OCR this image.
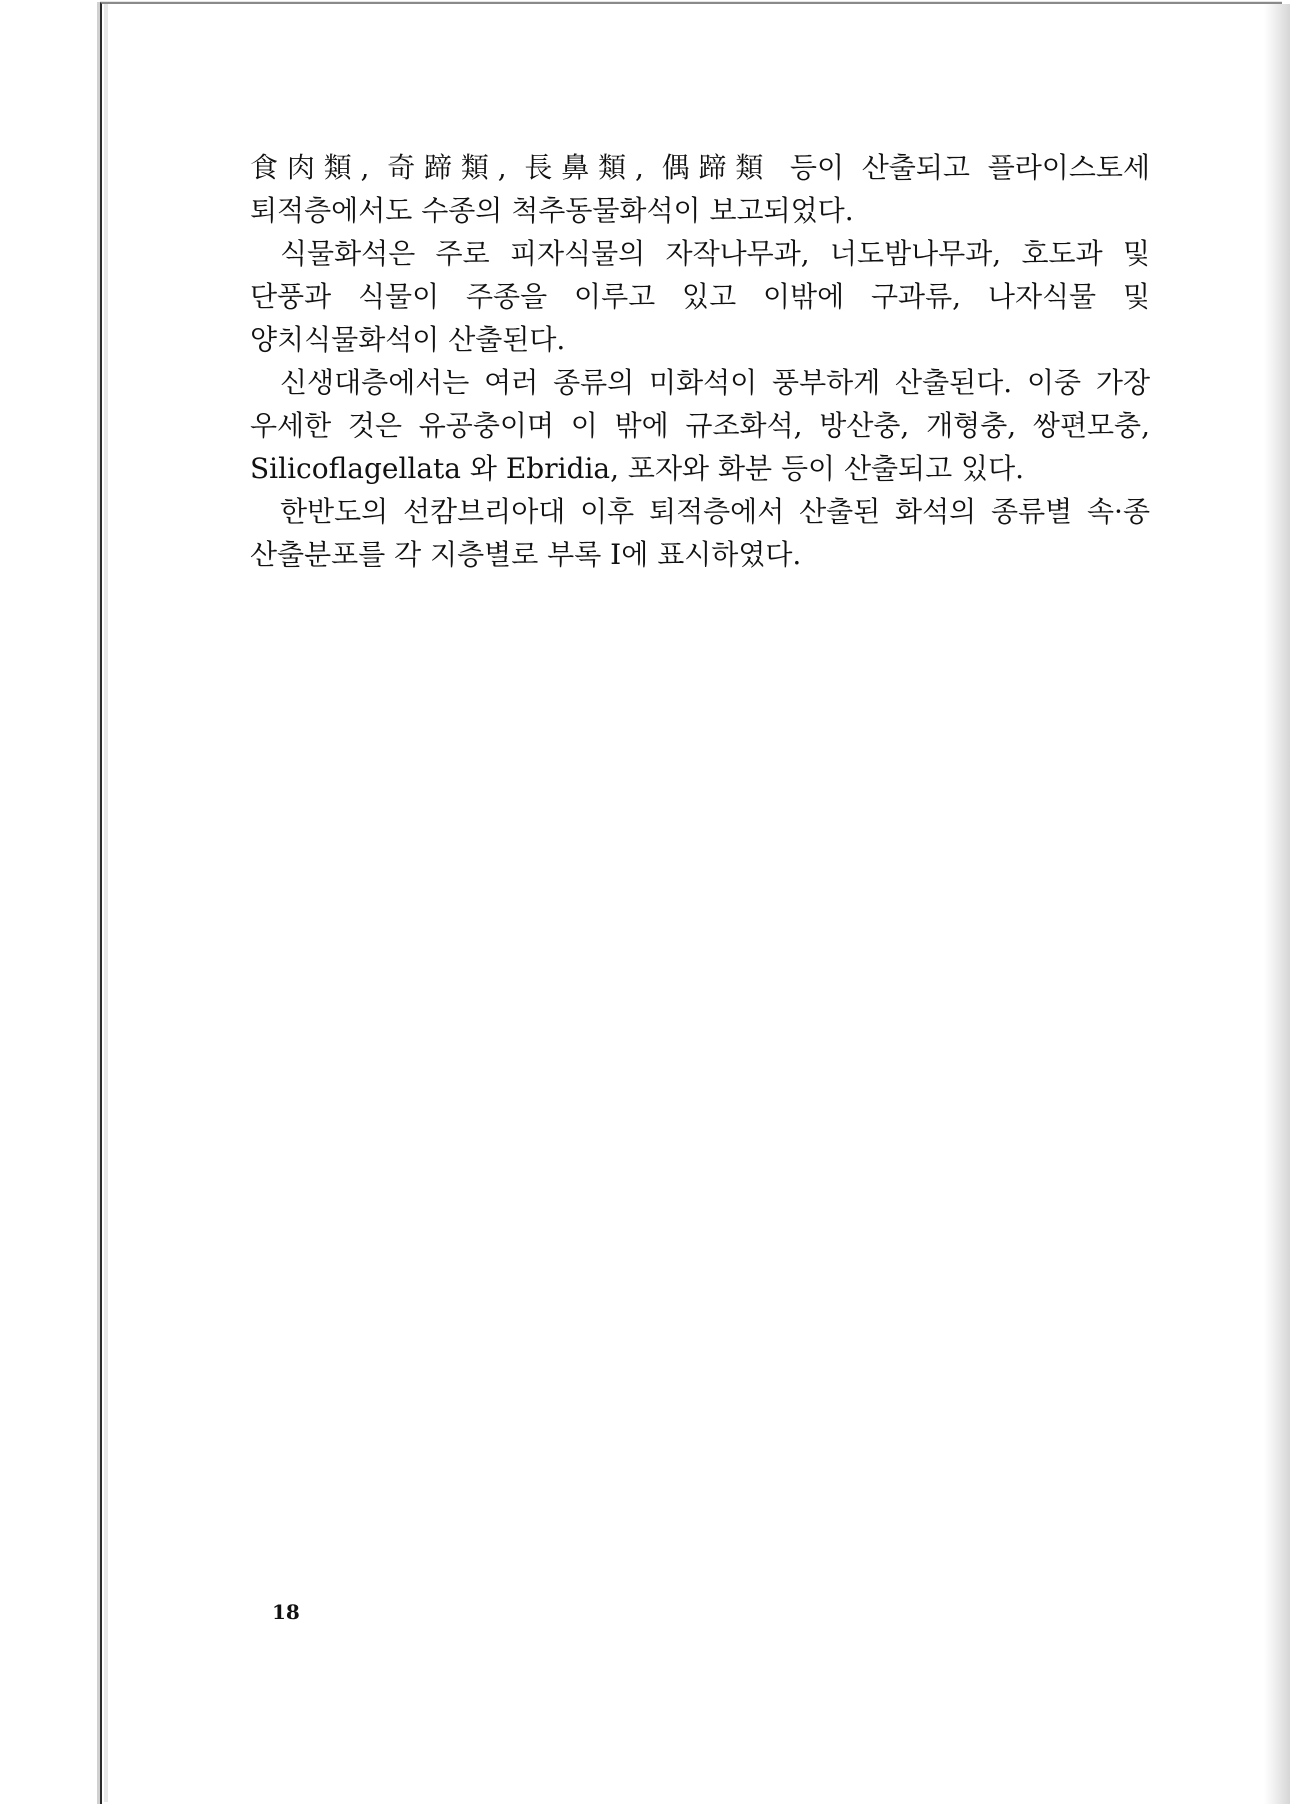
食肉類, 奇蹄類, 長鼻類, 偶蹄類 등이 산출되고 플라이스토세 퇴적층에서도 수종의 척추동물화석이 보고되었다.

식물화석은 주로 피자식물의 자작나무과, 너도밤나무과, 호도과 및 단풍과 식물이 주종을 이루고 있고 이밖에 구과류, 나자식물 및 양치식물화석이 산출된다.

신생대층에서는 여러 종류의 미화석이 풍부하게 산출된다. 이중 가장 우세한 것은 유공충이며 이 밖에 규조화석, 방산충, 개형충, 쌍편모충, Silicoflagellata 와 Ebridia, 포자와 화분 등이 산출되고 있다.

한반도의 선캄브리아대 이후 퇴적층에서 산출된 화석의 종류별 속·종 산출분포를 각 지층별로 부록 Ⅰ에 표시하였다.

18
